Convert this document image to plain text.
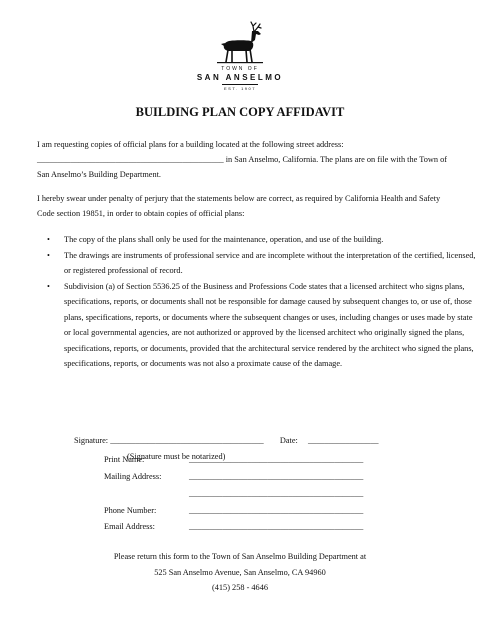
TOWN OF
SAN ANSELMO
EST. 1907
BUILDING PLAN COPY AFFIDAVIT
I am requesting copies of official plans for a building located at the following street address: _____________________________________________ in San Anselmo, California. The plans are on file with the Town of San Anselmo’s Building Department.
I hereby swear under penalty of perjury that the statements below are correct, as required by California Health and Safety Code section 19851, in order to obtain copies of official plans:
• The copy of the plans shall only be used for the maintenance, operation, and use of the building.
• The drawings are instruments of professional service and are incomplete without the interpretation of the certified, licensed, or registered professional of record.
• Subdivision (a) of Section 5536.25 of the Business and Professions Code states that a licensed architect who signs plans, specifications, reports, or documents shall not be responsible for damage caused by subsequent changes to, or use of, those plans, specifications, reports, or documents where the subsequent changes or uses, including changes or uses made by state or local governmental agencies, are not authorized or approved by the licensed architect who originally signed the plans, specifications, reports, or documents, provided that the architectural service rendered by the architect who signed the plans, specifications, reports, or documents was not also a proximate cause of the damage.
Signature: _____________________________________ Date: _________________
(Signature must be notarized)
Print Name:	__________________________________________
Mailing Address:	__________________________________________
__________________________________________
Phone Number:	__________________________________________
Email Address:	__________________________________________
Please return this form to the Town of San Anselmo Building Department at
525 San Anselmo Avenue, San Anselmo, CA 94960
(415) 258 - 4646
